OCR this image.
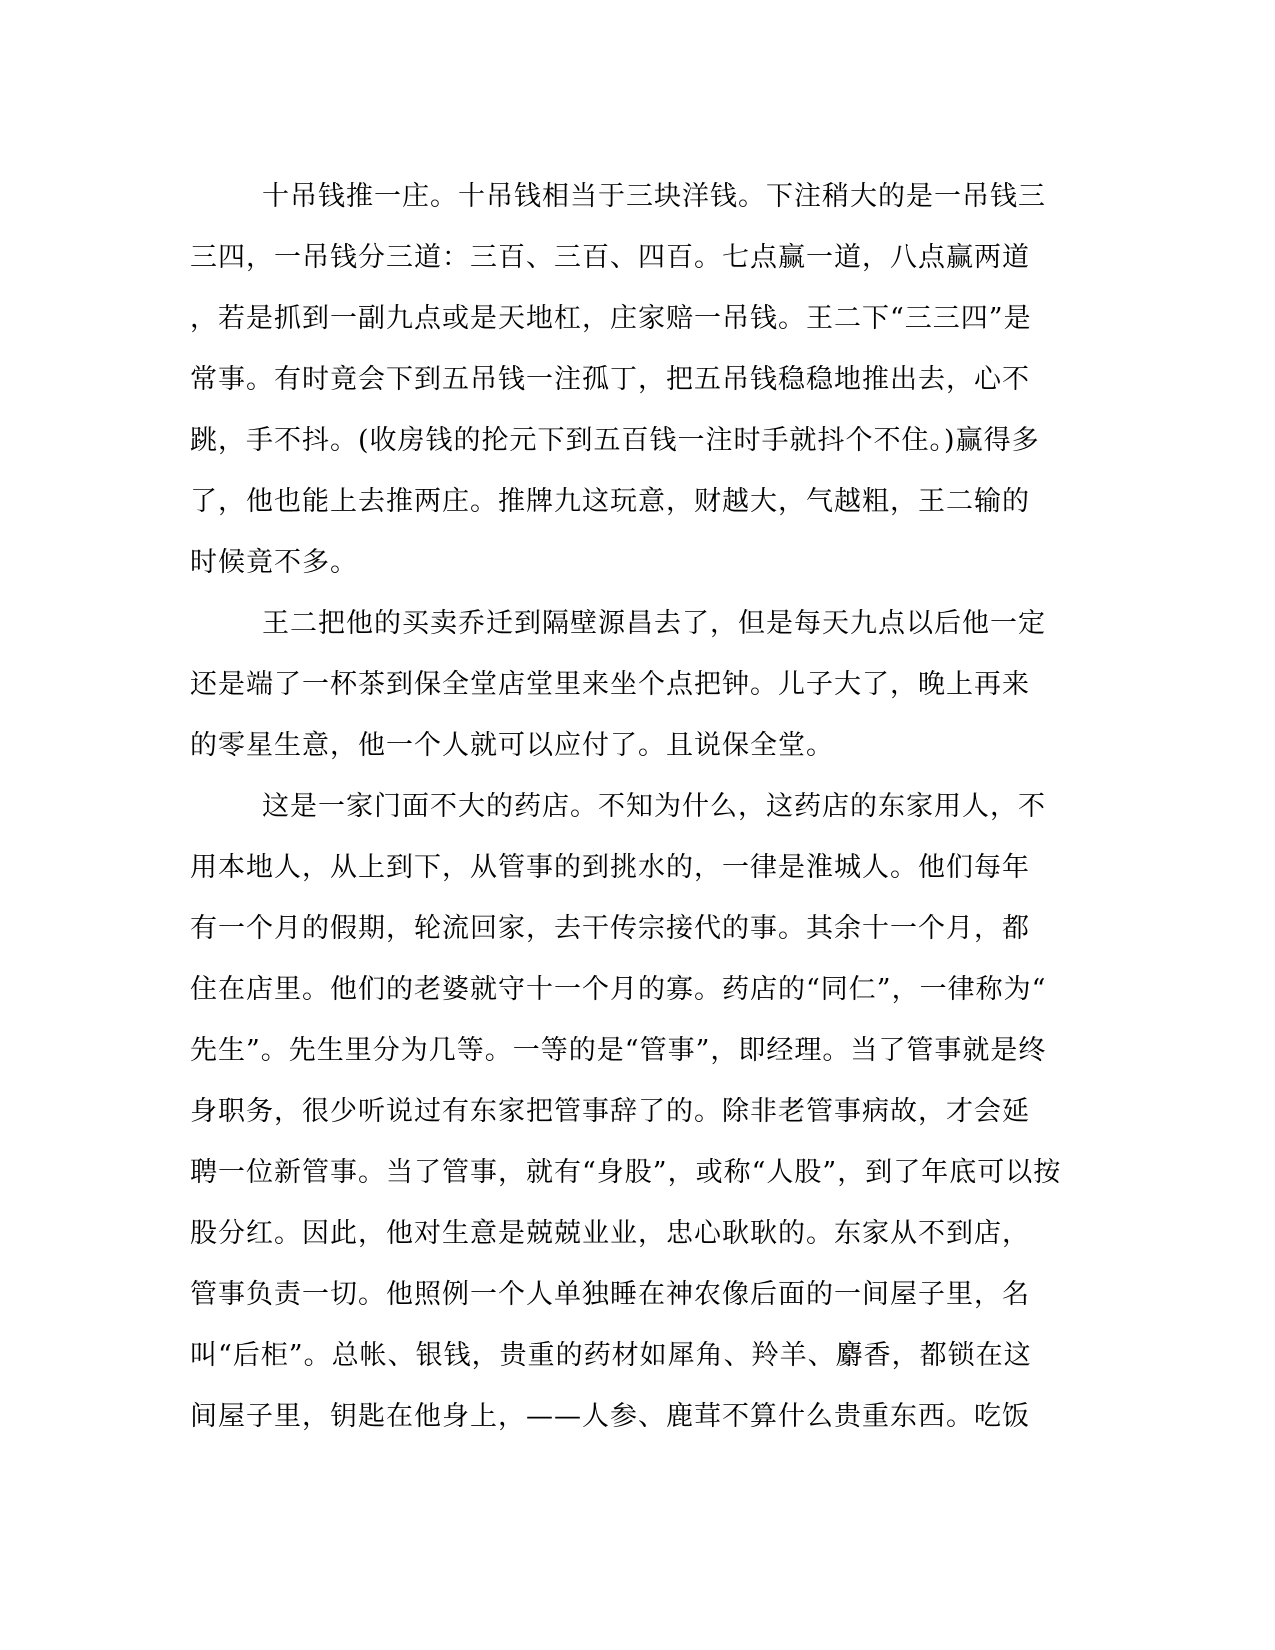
十吊钱推一庄。十吊钱相当于三块洋钱。下注稍大的是一吊钱三
三四，一吊钱分三道：三百、三百、四百。七点赢一道，八点赢两道
，若是抓到一副九点或是天地杠，庄家赔一吊钱。王二下“三三四”是
常事。有时竟会下到五吊钱一注孤丁，把五吊钱稳稳地推出去，心不
跳，手不抖。(收房钱的抡元下到五百钱一注时手就抖个不住。)赢得多
了，他也能上去推两庄。推牌九这玩意，财越大，气越粗，王二输的
时候竟不多。
王二把他的买卖乔迁到隔壁源昌去了，但是每天九点以后他一定
还是端了一杯茶到保全堂店堂里来坐个点把钟。儿子大了，晚上再来
的零星生意，他一个人就可以应付了。且说保全堂。
这是一家门面不大的药店。不知为什么，这药店的东家用人，不
用本地人，从上到下，从管事的到挑水的，一律是淮城人。他们每年
有一个月的假期，轮流回家，去干传宗接代的事。其余十一个月，都
住在店里。他们的老婆就守十一个月的寡。药店的“同仁”，一律称为“
先生”。先生里分为几等。一等的是“管事”，即经理。当了管事就是终
身职务，很少听说过有东家把管事辞了的。除非老管事病故，才会延
聘一位新管事。当了管事，就有“身股”，或称“人股”，到了年底可以按
股分红。因此，他对生意是兢兢业业，忠心耿耿的。东家从不到店，
管事负责一切。他照例一个人单独睡在神农像后面的一间屋子里，名
叫“后柜”。总帐、银钱，贵重的药材如犀角、羚羊、麝香，都锁在这
间屋子里，钥匙在他身上，——人参、鹿茸不算什么贵重东西。吃饭
